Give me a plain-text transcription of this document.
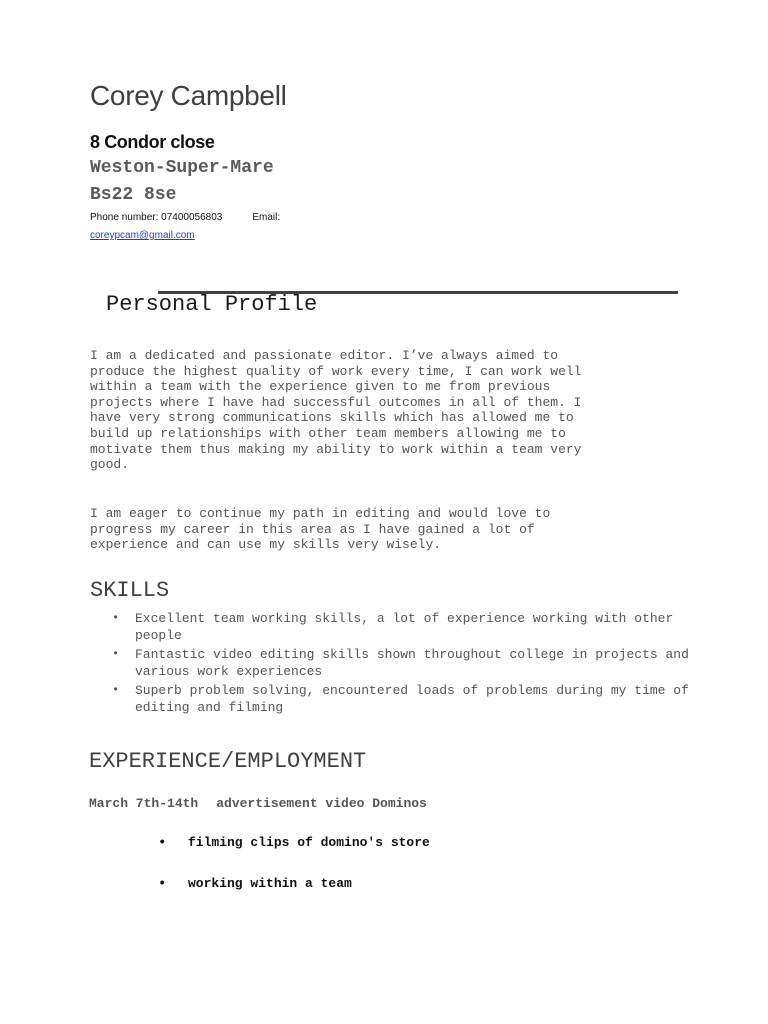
Corey Campbell
8 Condor close
Weston-Super-Mare
Bs22 8se
Phone number: 07400056803	Email:
coreypcam@gmail.com
Personal Profile
I am a dedicated and passionate editor. I’ve always aimed to
produce the highest quality of work every time, I can work well
within a team with the experience given to me from previous
projects where I have had successful outcomes in all of them. I
have very strong communications skills which has allowed me to
build up relationships with other team members allowing me to
motivate them thus making my ability to work within a team very
good.
I am eager to continue my path in editing and would love to
progress my career in this area as I have gained a lot of
experience and can use my skills very wisely.
SKILLS
• Excellent team working skills, a lot of experience working with other people
• Fantastic video editing skills shown throughout college in projects and various work experiences
• Superb problem solving, encountered loads of problems during my time of editing and filming
EXPERIENCE/EMPLOYMENT
March 7th-14th advertisement video Dominos
• filming clips of domino's store
• working within a team
